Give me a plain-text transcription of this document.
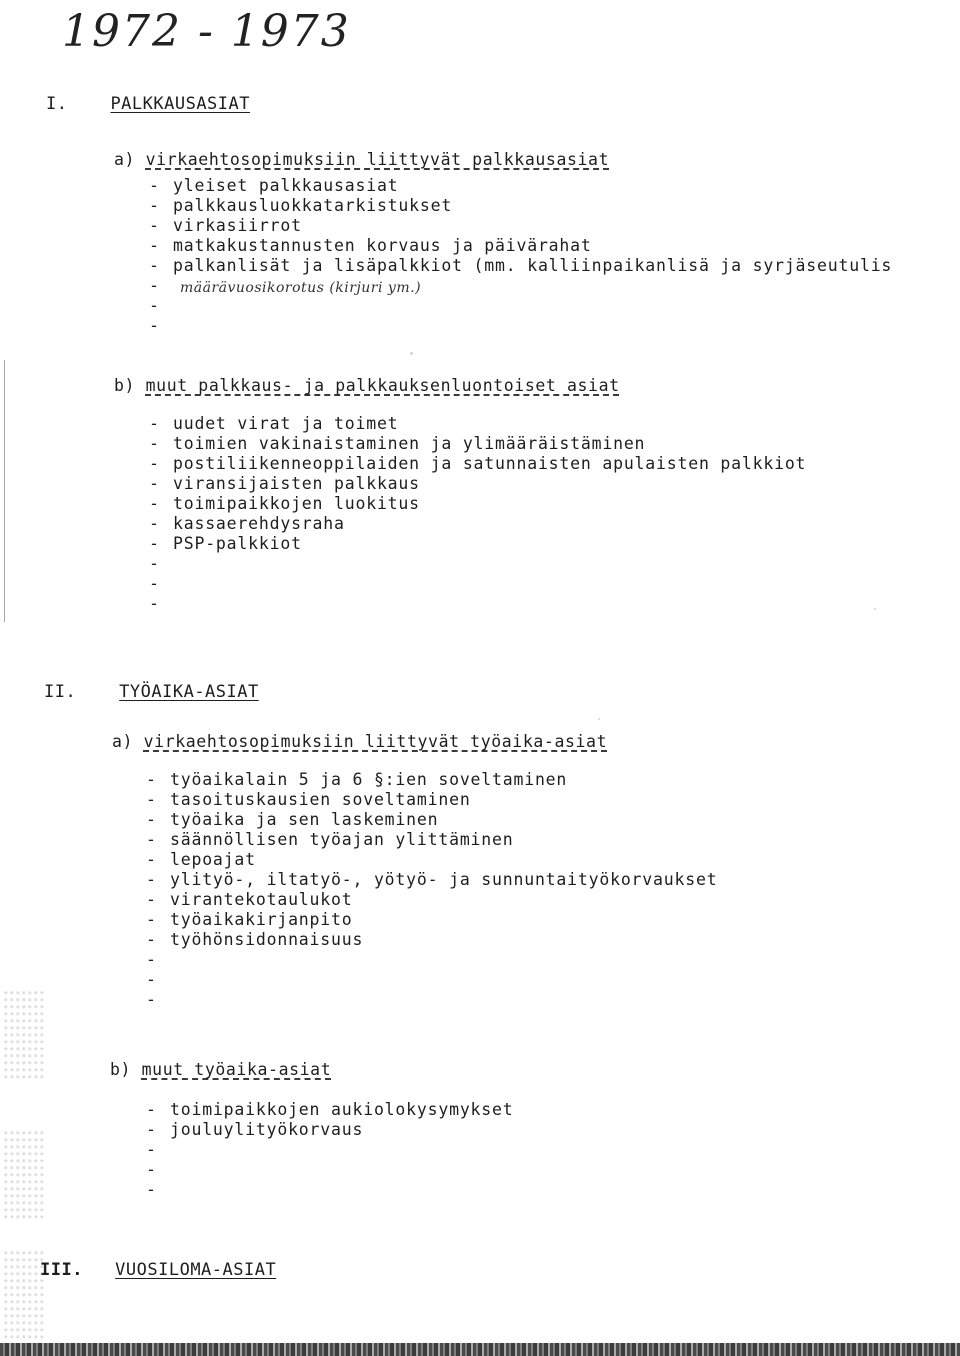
1972 - 1973
I.	PALKKAUSASIAT
a) virkaehtosopimuksiin liittyvät palkkausasiat
- yleiset palkkausasiat
- palkkausluokkatarkistukset
- virkasiirrot
- matkakustannusten korvaus ja päivärahat
- palkanlisät ja lisäpalkkiot (mm. kalliinpaikanlisä ja syrjäseutulis
-
-
-
määrävuosikorotus (kirjuri ym.)
b) muut palkkaus- ja palkkauksenluontoiset asiat
- uudet virat ja toimet
- toimien vakinaistaminen ja ylimääräistäminen
- postiliikenneoppilaiden ja satunnaisten apulaisten palkkiot
- viransijaisten palkkaus
- toimipaikkojen luokitus
- kassaerehdysraha
- PSP-palkkiot
-
-
-
II.	TYÖAIKA-ASIAT
a) virkaehtosopimuksiin liittyvät työaika-asiat
- työaikalain 5 ja 6 §:ien soveltaminen
- tasoituskausien soveltaminen
- työaika ja sen laskeminen
- säännöllisen työajan ylittäminen
- lepoajat
- ylityö-, iltatyö-, yötyö- ja sunnuntaityökorvaukset
- virantekotaulukot
- työaikakirjanpito
- työhönsidonnaisuus
-
-
-
b) muut työaika-asiat
- toimipaikkojen aukiolokysymykset
- jouluylityökorvaus
-
-
-
III. VUOSILOMA-ASIAT
